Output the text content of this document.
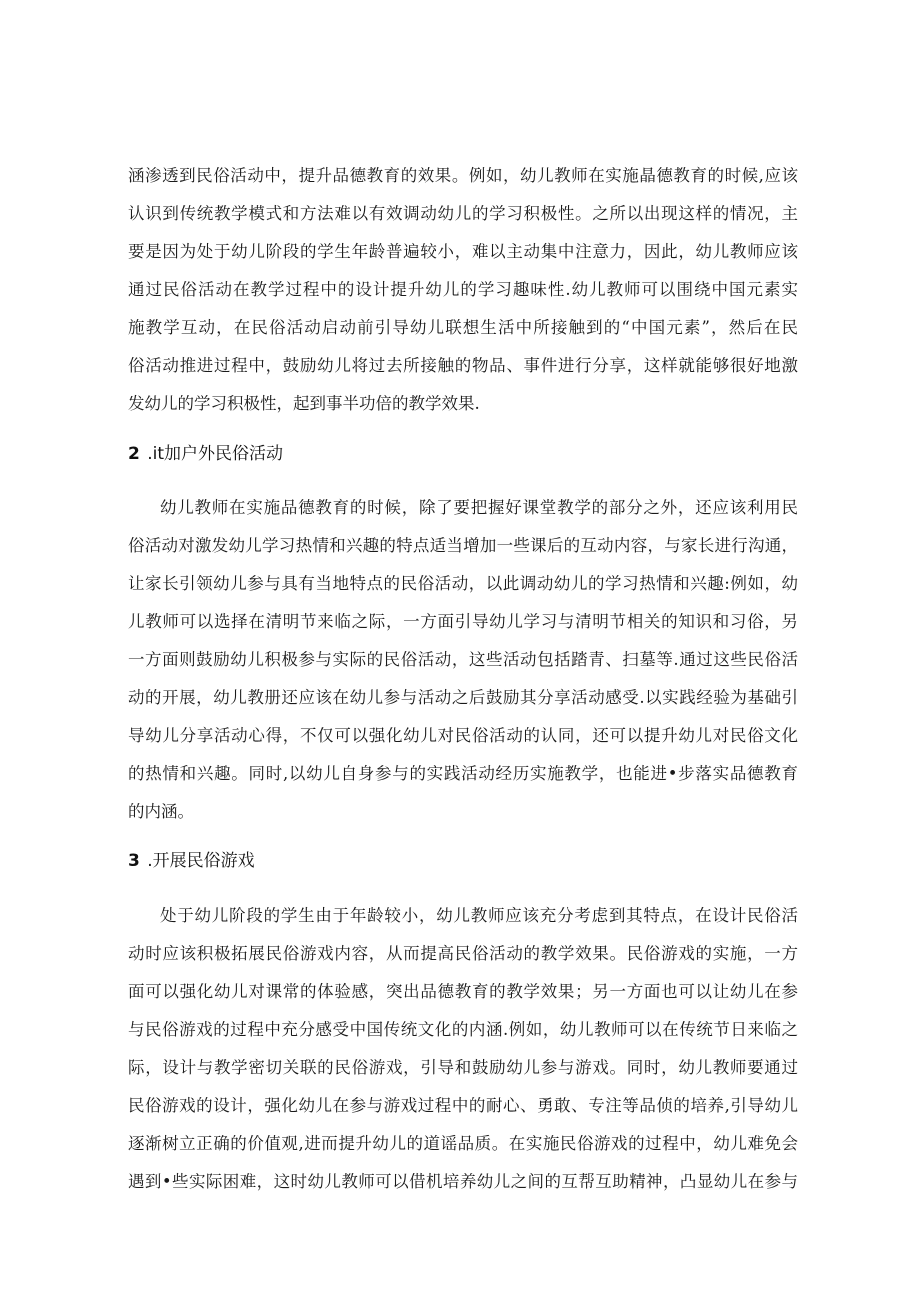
涵渗透到民俗活动中，提升品德教育的效果。例如，幼儿教师在实施晶德教育的时候,应该
认识到传统教学模式和方法难以有效调动幼儿的学习积极性。之所以出现这样的情况，主
要是因为处于幼儿阶段的学生年龄普遍较小，难以主动集中注意力，因此，幼儿教师应该
通过民俗活动在教学过程中的设计提升幼儿的学习趣味性.幼儿教师可以围绕中国元素实
施教学互动，在民俗活动启动前引导幼儿联想生活中所接触到的“中国元素”，然后在民
俗活动推进过程中，鼓励幼儿将过去所接触的物品、事件进行分享，这样就能够很好地激
发幼儿的学习积极性，起到事半功倍的教学效果.
2 .it加户外民俗活动
幼儿教师在实施品德教育的时候，除了要把握好课堂教学的部分之外，还应该利用民
俗活动对激发幼儿学习热情和兴趣的特点适当增加一些课后的互动内容，与家长进行沟通，
让家长引领幼儿参与具有当地特点的民俗活动，以此调动幼儿的学习热情和兴趣:例如，幼
儿教师可以选择在清明节来临之际，一方面引导幼儿学习与清明节相关的知识和习俗，另
一方面则鼓励幼儿积极参与实际的民俗活动，这些活动包括踏青、扫墓等.通过这些民俗活
动的开展，幼儿教册还应该在幼儿参与活动之后鼓励其分享活动感受.以实践经验为基础引
导幼儿分享活动心得，不仅可以强化幼儿对民俗活动的认同，还可以提升幼儿对民俗文化
的热情和兴趣。同时,以幼儿自身参与的实践活动经历实施教学，也能进•步落实品德教育
的内涵。
3 .开展民俗游戏
处于幼儿阶段的学生由于年龄较小，幼儿教师应该充分考虑到其特点，在设计民俗活
动时应该积极拓展民俗游戏内容，从而提高民俗活动的教学效果。民俗游戏的实施，一方
面可以强化幼儿对课常的体验感，突出品德教育的教学效果；另一方面也可以让幼儿在参
与民俗游戏的过程中充分感受中国传统文化的内涵.例如，幼儿教师可以在传统节日来临之
际，设计与教学密切关联的民俗游戏，引导和鼓励幼儿参与游戏。同时，幼儿教师要通过
民俗游戏的设计，强化幼儿在参与游戏过程中的耐心、勇敢、专注等品侦的培养,引导幼儿
逐渐树立正确的价值观,进而提升幼儿的道谣品质。在实施民俗游戏的过程中，幼儿难免会
遇到•些实际困难，这时幼儿教师可以借机培养幼儿之间的互帮互助精神，凸显幼儿在参与
